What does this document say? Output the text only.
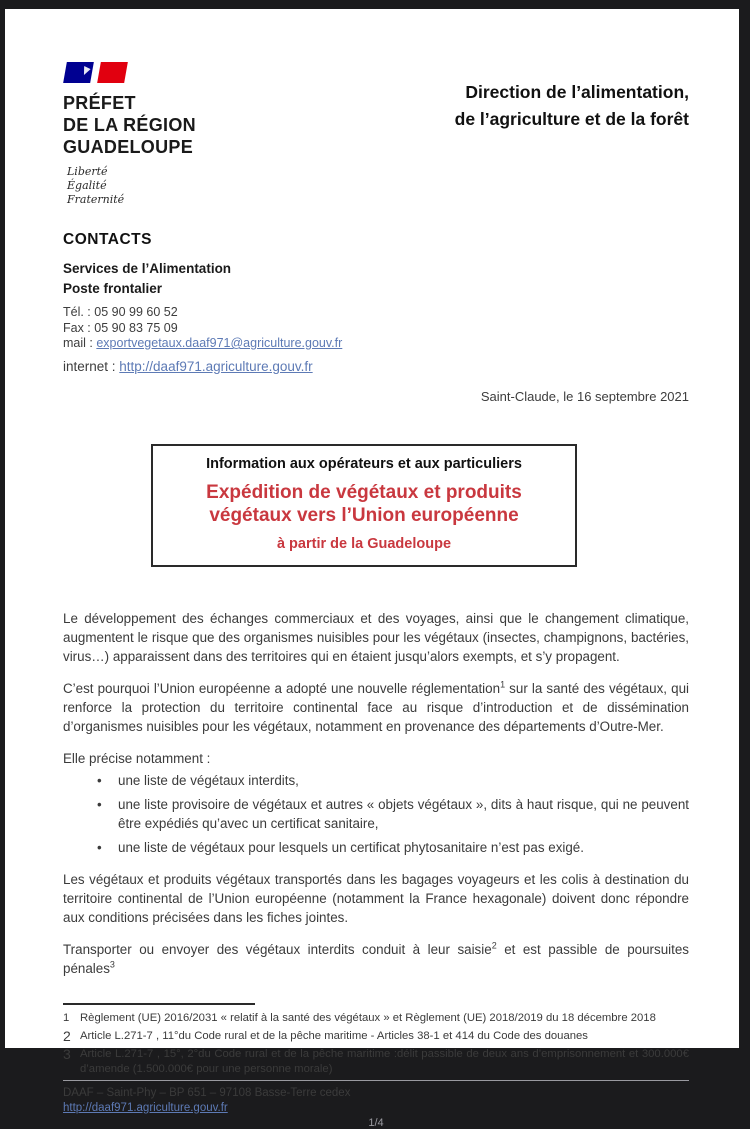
PRÉFET
DE LA RÉGION
GUADELOUPE
Liberté
Égalité
Fraternité
Direction de l’alimentation,
de l’agriculture et de la forêt

CONTACTS

Services de l’Alimentation

Poste frontalier

Tél. : 05 90 99 60 52

Fax : 05 90 83 75 09

mail : exportvegetaux.daaf971@agriculture.gouv.fr

internet : http://daaf971.agriculture.gouv.fr

Saint-Claude, le 16 septembre 2021

Information aux opérateurs et aux particuliers

Expédition de végétaux et produits
végétaux vers l’Union européenne

à partir de la Guadeloupe

Le développement des échanges commerciaux et des voyages, ainsi que le changement climatique, augmentent le risque que des organismes nuisibles pour les végétaux (insectes, champignons, bactéries, virus…) apparaissent dans des territoires qui en étaient jusqu’alors exempts, et s’y propagent.

C’est pourquoi l’Union européenne a adopté une nouvelle réglementation$^1$ sur la santé des végétaux, qui renforce la protection du territoire continental face au risque d’introduction et de dissémination d’organismes nuisibles pour les végétaux, notamment en provenance des départements d’Outre-Mer.

Elle précise notamment :

• une liste de végétaux interdits,
• une liste provisoire de végétaux et autres « objets végétaux », dits à haut risque, qui ne peuvent être expédiés qu’avec un certificat sanitaire,
• une liste de végétaux pour lesquels un certificat phytosanitaire n’est pas exigé.

Les végétaux et produits végétaux transportés dans les bagages voyageurs et les colis à destination du territoire continental de l’Union européenne (notamment la France hexagonale) doivent donc répondre aux conditions précisées dans les fiches jointes.

Transporter ou envoyer des végétaux interdits conduit à leur saisie$^2$ et est passible de poursuites pénales$^3$

1 Règlement (UE) 2016/2031 « relatif à la santé des végétaux » et Règlement (UE) 2018/2019 du 18 décembre 2018
2 Article L.271-7 , 11°du Code rural et de la pêche maritime - Articles 38-1 et 414 du Code des douanes
3 Article L.271-7 , 15°, 2°du Code rural et de la pêche maritime :délit passible de deux ans d’emprisonnement et 300.000€ d’amende (1.500.000€ pour une personne morale)

DAAF – Saint-Phy – BP 651 – 97108 Basse-Terre cedex

http://daaf971.agriculture.gouv.fr

1/4
